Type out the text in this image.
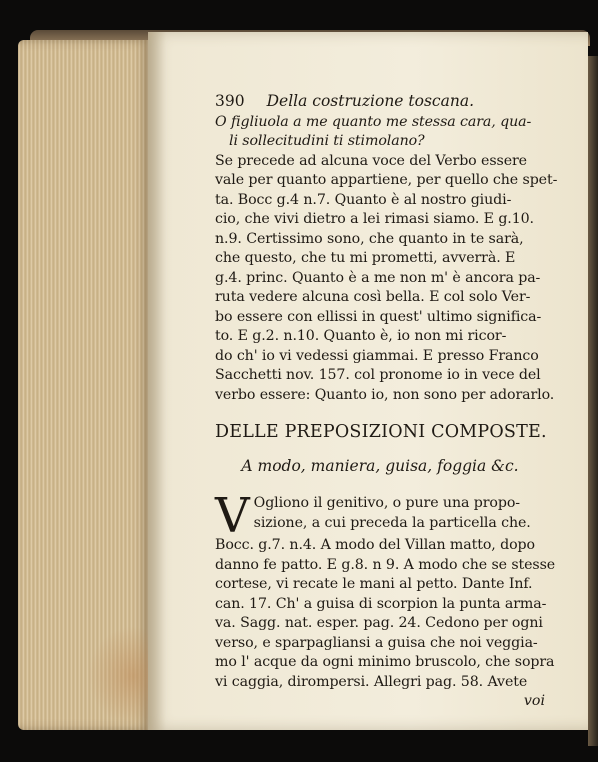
390 Della costruzione toscana.
O figliuola a me quanto me stessa cara, qua-
li sollecitudini ti stimolano?
Se precede ad alcuna voce del Verbo essere
vale per quanto appartiene, per quello che spet-
ta. Bocc g.4 n.7. Quanto è al nostro giudi-
cio, che vivi dietro a lei rimasi siamo. E g.10.
n.9. Certissimo sono, che quanto in te sarà,
che questo, che tu mi prometti, avverrà. E
g.4. princ. Quanto è a me non m' è ancora pa-
ruta vedere alcuna così bella. E col solo Ver-
bo essere con ellissi in quest' ultimo significa-
to. E g.2. n.10. Quanto è, io non mi ricor-
do ch' io vi vedessi giammai. E presso Franco
Sacchetti nov. 157. col pronome io in vece del
verbo essere: Quanto io, non sono per adorarlo.
DELLE PREPOSIZIONI COMPOSTE.
A modo, maniera, guisa, foggia &c.
V Ogliono il genitivo, o pure una propo-
sizione, a cui preceda la particella che.
Bocc. g.7. n.4. A modo del Villan matto, dopo
danno fe patto. E g.8. n 9. A modo che se stesse
cortese, vi recate le mani al petto. Dante Inf.
can. 17. Ch' a guisa di scorpion la punta arma-
va. Sagg. nat. esper. pag. 24. Cedono per ogni
verso, e sparpagliansi a guisa che noi veggia-
mo l' acque da ogni minimo bruscolo, che sopra
vi caggia, dirompersi. Allegri pag. 58. Avete
voi
